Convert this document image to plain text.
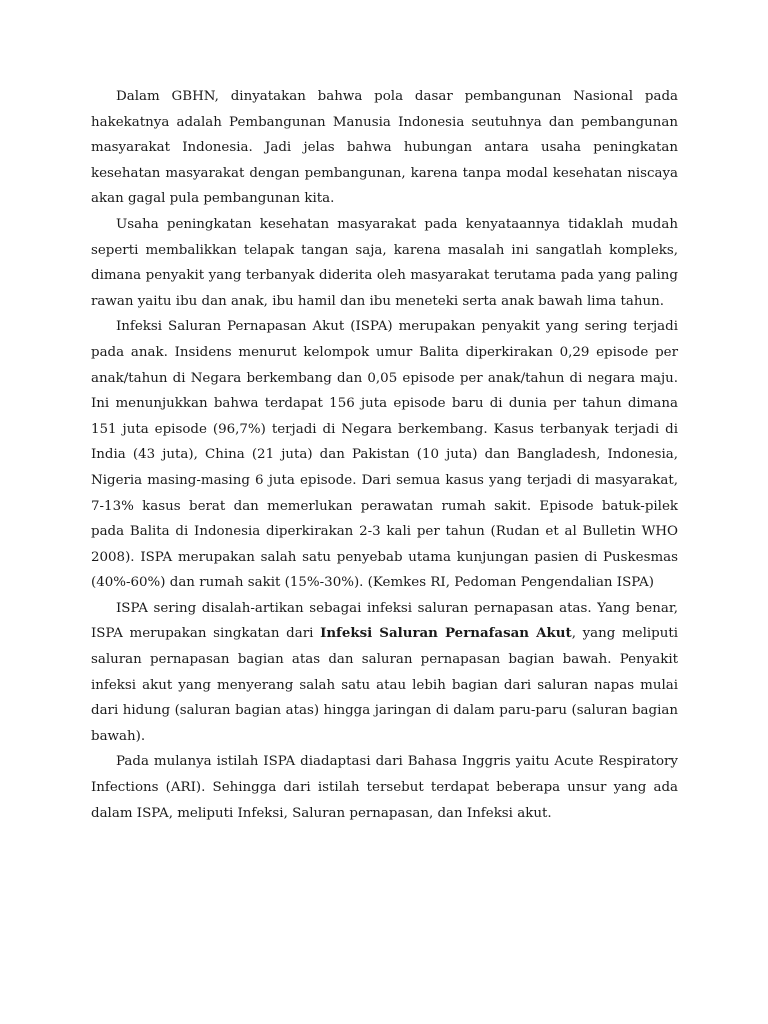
Dalam GBHN, dinyatakan bahwa pola dasar pembangunan Nasional pada hakekatnya adalah Pembangunan Manusia Indonesia seutuhnya dan pembangunan masyarakat Indonesia. Jadi jelas bahwa hubungan antara usaha peningkatan kesehatan masyarakat dengan pembangunan, karena tanpa modal kesehatan niscaya akan gagal pula pembangunan kita.

Usaha peningkatan kesehatan masyarakat pada kenyataannya tidaklah mudah seperti membalikkan telapak tangan saja, karena masalah ini sangatlah kompleks, dimana penyakit yang terbanyak diderita oleh masyarakat terutama pada yang paling rawan yaitu ibu dan anak, ibu hamil dan ibu meneteki serta anak bawah lima tahun.

Infeksi Saluran Pernapasan Akut (ISPA) merupakan penyakit yang sering terjadi pada anak. Insidens menurut kelompok umur Balita diperkirakan 0,29 episode per anak/tahun di Negara berkembang dan 0,05 episode per anak/tahun di negara maju. Ini menunjukkan bahwa terdapat 156 juta episode baru di dunia per tahun dimana 151 juta episode (96,7%) terjadi di Negara berkembang. Kasus terbanyak terjadi di India (43 juta), China (21 juta) dan Pakistan (10 juta) dan Bangladesh, Indonesia, Nigeria masing-masing 6 juta episode. Dari semua kasus yang terjadi di masyarakat, 7-13% kasus berat dan memerlukan perawatan rumah sakit. Episode batuk-pilek pada Balita di Indonesia diperkirakan 2-3 kali per tahun (Rudan et al Bulletin WHO 2008). ISPA merupakan salah satu penyebab utama kunjungan pasien di Puskesmas (40%-60%) dan rumah sakit (15%-30%). (Kemkes RI, Pedoman Pengendalian ISPA)

ISPA sering disalah-artikan sebagai infeksi saluran pernapasan atas. Yang benar, ISPA merupakan singkatan dari Infeksi Saluran Pernafasan Akut, yang meliputi saluran pernapasan bagian atas dan saluran pernapasan bagian bawah. Penyakit infeksi akut yang menyerang salah satu atau lebih bagian dari saluran napas mulai dari hidung (saluran bagian atas) hingga jaringan di dalam paru-paru (saluran bagian bawah).

Pada mulanya istilah ISPA diadaptasi dari Bahasa Inggris yaitu Acute Respiratory Infections (ARI). Sehingga dari istilah tersebut terdapat beberapa unsur yang ada dalam ISPA, meliputi Infeksi, Saluran pernapasan, dan Infeksi akut.
